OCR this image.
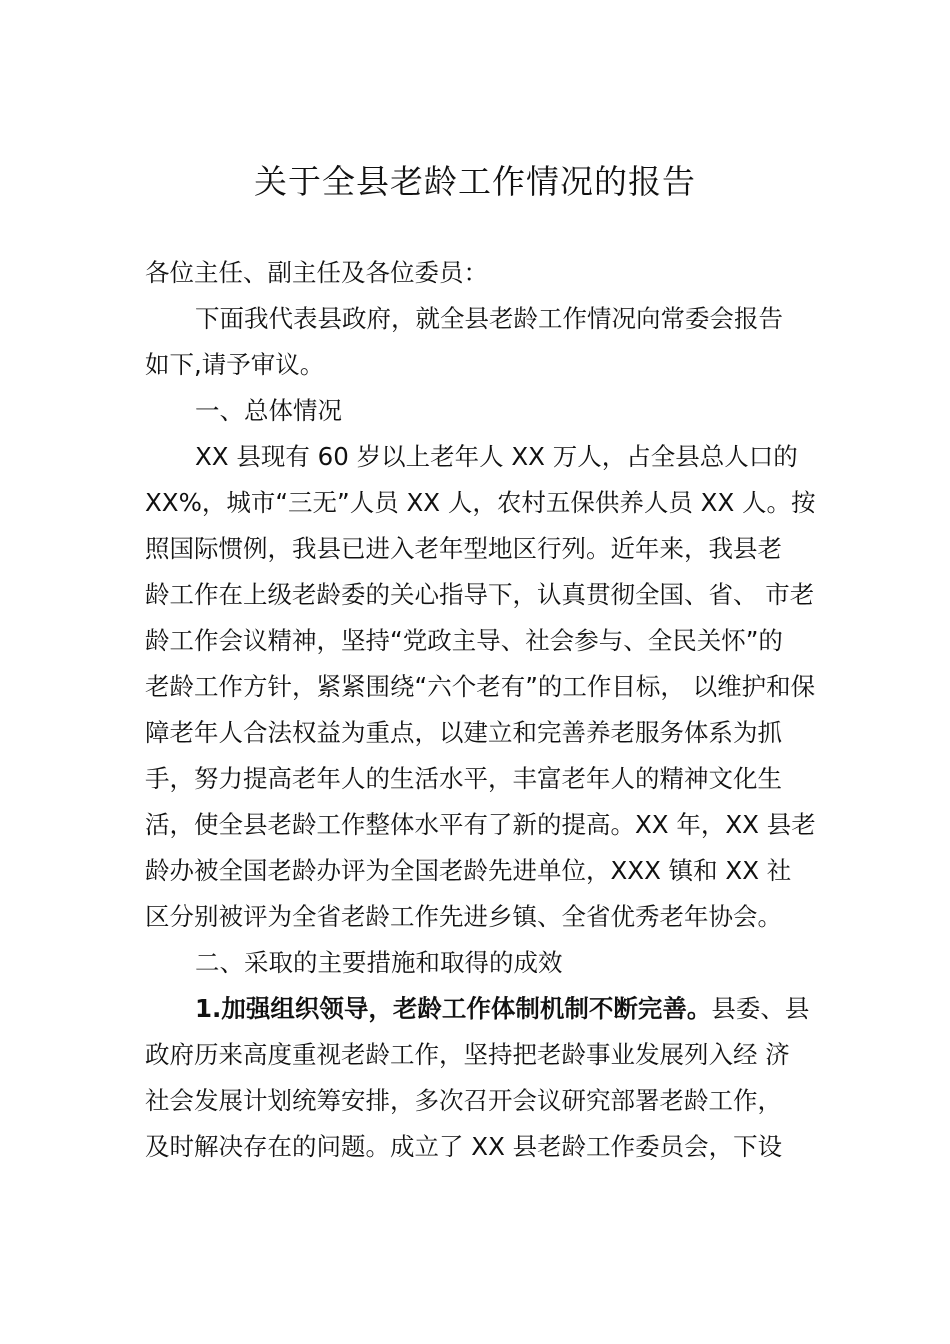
关于全县老龄工作情况的报告
各位主任、副主任及各位委员：
下面我代表县政府，就全县老龄工作情况向常委会报告
如下,请予审议。
一、总体情况
XX 县现有 60 岁以上老年人 XX 万人，占全县总人口的
XX%，城市“三无”人员 XX 人，农村五保供养人员 XX 人。按
照国际惯例，我县已进入老年型地区行列。近年来，我县老
龄工作在上级老龄委的关心指导下，认真贯彻全国、省、 市老
龄工作会议精神，坚持“党政主导、社会参与、全民关怀”的
老龄工作方针，紧紧围绕“六个老有”的工作目标， 以维护和保
障老年人合法权益为重点，以建立和完善养老服务体系为抓
手，努力提高老年人的生活水平，丰富老年人的精神文化生
活，使全县老龄工作整体水平有了新的提高。XX 年，XX 县老
龄办被全国老龄办评为全国老龄先进单位，XXX 镇和 XX 社
区分别被评为全省老龄工作先进乡镇、全省优秀老年协会。
二、采取的主要措施和取得的成效
1.加强组织领导，老龄工作体制机制不断完善。县委、县
政府历来高度重视老龄工作，坚持把老龄事业发展列入经 济
社会发展计划统筹安排，多次召开会议研究部署老龄工作，
及时解决存在的问题。成立了 XX 县老龄工作委员会，下设
